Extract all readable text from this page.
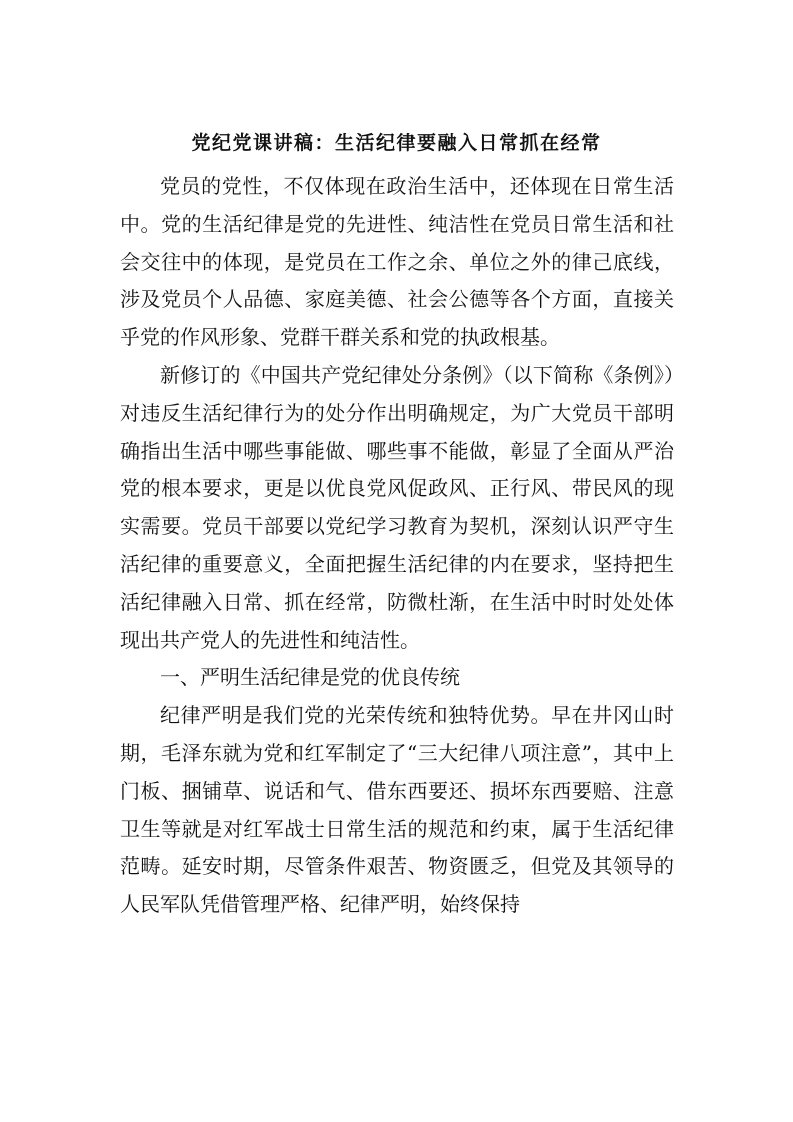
党纪党课讲稿：生活纪律要融入日常抓在经常

党员的党性，不仅体现在政治生活中，还体现在日常生活中。党的生活纪律是党的先进性、纯洁性在党员日常生活和社会交往中的体现，是党员在工作之余、单位之外的律己底线，涉及党员个人品德、家庭美德、社会公德等各个方面，直接关乎党的作风形象、党群干群关系和党的执政根基。

新修订的《中国共产党纪律处分条例》（以下简称《条例》）对违反生活纪律行为的处分作出明确规定，为广大党员干部明确指出生活中哪些事能做、哪些事不能做，彰显了全面从严治党的根本要求，更是以优良党风促政风、正行风、带民风的现实需要。党员干部要以党纪学习教育为契机，深刻认识严守生活纪律的重要意义，全面把握生活纪律的内在要求，坚持把生活纪律融入日常、抓在经常，防微杜渐，在生活中时时处处体现出共产党人的先进性和纯洁性。

一、严明生活纪律是党的优良传统

纪律严明是我们党的光荣传统和独特优势。早在井冈山时期，毛泽东就为党和红军制定了“三大纪律八项注意”，其中上门板、捆铺草、说话和气、借东西要还、损坏东西要赔、注意卫生等就是对红军战士日常生活的规范和约束，属于生活纪律范畴。延安时期，尽管条件艰苦、物资匮乏，但党及其领导的人民军队凭借管理严格、纪律严明，始终保持
